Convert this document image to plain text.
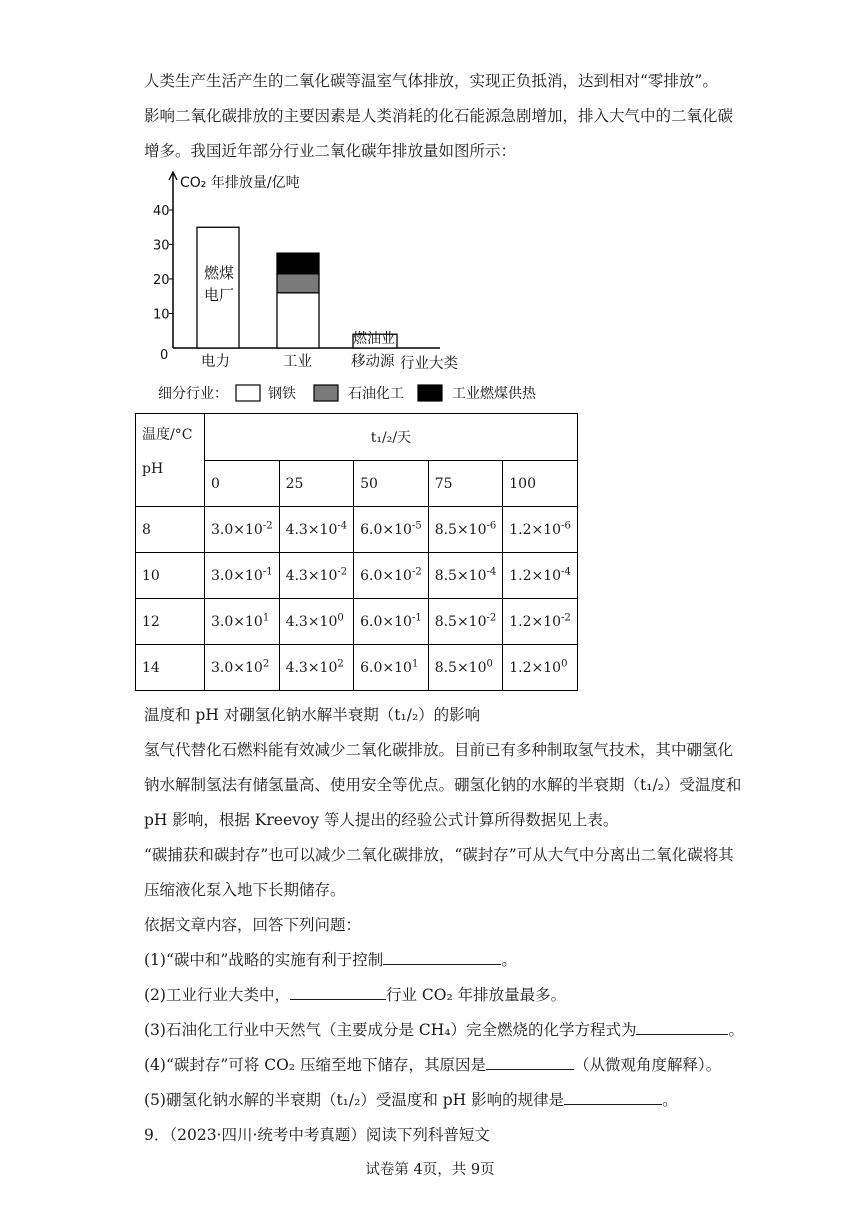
人类生产生活产生的二氧化碳等温室气体排放，实现正负抵消，达到相对“零排放”。
影响二氧化碳排放的主要因素是人类消耗的化石能源急剧增加，排入大气中的二氧化碳
增多。我国近年部分行业二氧化碳年排放量如图所示：
CO₂ 年排放量/亿吨
0
10
20
30
40
燃煤
电厂
燃油业
电力	工业	移动源 行业大类
细分行业：	钢铁	石油化工	工业燃煤供热
温度/°C
pH	t₁/₂/天				
	0	25	50	75	100
8	$3.0\times 10^{-2}$	$4.3\times 10^{-4}$	$6.0\times 10^{-5}$	$8.5\times 10^{-6}$	$1.2\times 10^{-6}$
10	$3.0\times 10^{-1}$	$4.3\times 10^{-2}$	$6.0\times 10^{-2}$	$8.5\times 10^{-4}$	$1.2\times 10^{-4}$
12	$3.0\times 10^1$	$4.3\times 10^0$	$6.0\times 10^{-1}$	$8.5\times 10^{-2}$	$1.2\times 10^{-2}$
14	$3.0\times 10^2$	$4.3\times 10^2$	$6.0\times 10^1$	$8.5\times 10^0$	$1.2\times 10^0$
温度和 pH 对硼氢化钠水解半衰期（t₁/₂）的影响
氢气代替化石燃料能有效减少二氧化碳排放。目前已有多种制取氢气技术，其中硼氢化
钠水解制氢法有储氢量高、使用安全等优点。硼氢化钠的水解的半衰期（t₁/₂）受温度和
pH 影响，根据 Kreevoy 等人提出的经验公式计算所得数据见上表。
“碳捕获和碳封存”也可以减少二氧化碳排放，“碳封存”可从大气中分离出二氧化碳将其
压缩液化泵入地下长期储存。
依据文章内容，回答下列问题：
(1)“碳中和”战略的实施有利于控制	。
(2)工业行业大类中，	行业 CO₂ 年排放量最多。
(3)石油化工行业中天然气（主要成分是 CH₄）完全燃烧的化学方程式为	。
(4)“碳封存”可将 CO₂ 压缩至地下储存，其原因是	（从微观角度解释）。
(5)硼氢化钠水解的半衰期（t₁/₂）受温度和 pH 影响的规律是	。
9．（2023·四川·统考中考真题）阅读下列科普短文
试卷第 4页，共 9页
